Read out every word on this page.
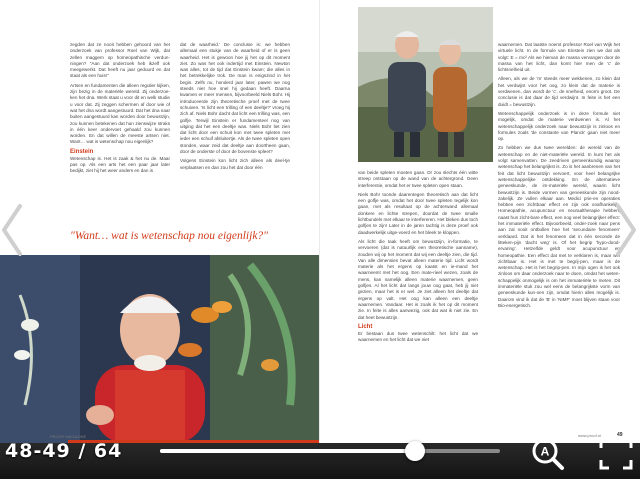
zegden dat ze nooit hebben gehoord van het onderzoek van professor Roel van Wijk, dat zellen maggem op homeopathische verdun-ningen? "Aan dat onderzoek heb ikzelf ook meegewerkt. Dat heeft nu jaar geduurd en dat staat als een huis!"

Artsen en fundamenten die alleen regulier kijken, zijn bezig in de materiële wereld. Zij onderzoe-ken het dna. Werk staat u voor dit en welk studie u voor dat. Zij zeggen schermen af door wie of wat het dna wordt aangestuurd. Dat het dna naar buiten aangestuurd kan worden door bewustzijn, zou kunnen betekenen dat hun zienswijze straks in één keer ondervoet gehaald zou kunnen worden. En dat willen de meeste artsen niet. Want… wat is wetenschap nou eigenlijk?

Einstein

Wetenschap is. Het is zaak & het nu de. Maar pas op. Als een arts het een paar jaar later bedijkt, ziet hij het weer anders en dan is

dat de waarheid.' De conclusie is: we hebben allemaal een stukje van de waarheid of er is geen waarheid. Het is gewoon hoe jij het op dit moment ziet. Zo was het ook indertijd met Einstein. Newton was alles, tot de tijd dat Einstein kwam; die alles in het betrekkelijke trok. De man is enigszind in het begin. Zelfs nu, honderd jaar later, pawen we nog steeds niet hoe snel hij gedaan heeft. Daarna kwamen er meer mensen, bijvoorbeeld Niels Bohr. Hij introduceerde zijn theoretische proef met de twee schuiven. 'Is licht een trilling of een deeltje?' vroeg hij zich af. Niels Bohr dacht dat licht een trilling was, een golfje. Terwijl Einstein er fundamenteel nog van uitging dat het een deeltje was. Niels Bohr liet zien dat licht door een schuit kon met twee spleten met ieder een schuif afsluitertje. Als de twee spleten open stonden, waar zeid dat deeltje aan doortheen gaan, door de onderste of door de bovenste spleet?

Volgens Einstein kon licht zich alleen als deel-tje verplaatsen en dan zou het dat door één

"Want… wat is wetenschap nou eigenlijk?"
PROOF MAGAZINE

van beide spleten moeten gaan. Dr zou slechts één witte streep ontstaan op de wand van de achtergrond. Geen interferentie, omdat het er twee spleten open staan.

Niels Bohr toonde daarentegen theoretisch aan dat licht een golfje was, omdat het door twee spleten tegelijk kon gaan, met als resultaat op de achterwand allemaal donkere en lichte strepen, doordat de twee smalle lichtbundels met elkaar te interfereren. Het bleken dus toch golfjes te zijn! Later in de jaren tachtig is deze proef ook daadwerkelijk uitge-voerd en het bleek te kloppen.

Als licht die taak heeft om bewustzijn, in-formatie, te vervoeren (dat is natuurlijk een theoretische aanname), zouden wij op het moment dat wij een deeltje zien, die tijd. Van alle dimensies bevat alleen materie tijd. Licht wordt materie als het ergens op kaatst en ie-mand het waarneemt met het oog. Een mate-rieel wezen, zoals de mens, kan namelijk alleen materie waarnemen, geen golfjes. Al het licht dat langs jouw oog gaat, heb jij niet gezien, maar het is er wel. Je ziet alleen het deeltje dat ergens op valt. Het oog kan alleen een deeltje waarnemen. Vandaar. Het is zoals ik het op dit moment zie. In feite is alles aanwezig, ook dat wat ik niet zie. En dat heet bewustzijn.

Licht

Er bestaan dus twee wetenschilt: het licht dat we waarnemen en het licht dat we niet

waarnemen. Dat laatste noemt professor Roel van Wijk het virtuele licht. In de formule van Einstein zien we dat als volgt: E = mc² Als we hiervan de massa vervangen door de massa van het licht, dan komt hier men de 'c' de lichtsnelheid uit.

Alleen, als we de 'm' steeds meer wekkenen, zo klein dat het verdwijnt voor het oog, zo klein dat de materie is verdwenen, dan wordt de 'c', de snelheid, enorm groot. De conclusie is dat daar de tijd verdwijnt. In feite is het een duidt = bewustzijn.

Wetenschappelijk onderzoek is in deze formule niet mogelijk, omdat de materie verdwenen is. Al het wetenschappelijk onderzoek naar bewustzijn is zinloos en formules zoals 'de constante van Planck' gaan niet meer op.

Zo hebben we dus twee werelden: de wereld van de wetenschap en de niet-materiële wereld. In kunt het als volgt samenvatten. De zeedriven gemeenkundig waarop wetenschap het belangrijkst is. Zo is het aanbrenen van het feit dat licht bewustzijn vervoert, voor heel belangrijke wetenschappelijke ontdekking. En de alternatieve geneeskunde, de im-materiële wereld, waarin licht bewustzijn is. Beide vormen van geneeskunde zijn nood-zakelijk. Ze vullen elkaar aan. Medici prie-en operaties hebben een zichtbaar effect en zijn ook onafhankelijk. Homeopathie, acupunctuur en neuraaltherapie hebben, naast hun zicht-bare effect, een nog veel belangrijker effect: het immateriële effect. Bijvoorbeeld, onder-zoek naar pens aan zal nooit ontbullen hoe het 'secundaire fenomeen' verklaard. Dat is het fenomeen dat in één seconde de litteken-pijn 'dacht weg' is. Of het begrip 'hypo-dood-ervaring'. Hetzelfde geldt voor acupunctuur en homeopathie. Een effect dat met te verklaren is, maar wel zichtbaar is. Het is met te begrij-pen, maar is de wetenschap. Het is het begrip-pen. In mijn ogen is het ook zinloos om daar onderzoek naar te doen, omdat het weten-schappelijk onmogelijk is om het immateriële te meten. Dit immateriële stuk zou wel eens de belangrijkste vorm van geneeskunde kun-nen zijn, omdat hierin alles mogelijk is. Daarom vind ik dat de 'B' in 'NIMF' moet blijven staan voor Bio-energetisch.

www.proof.nl	49
48-49 / 64	A
